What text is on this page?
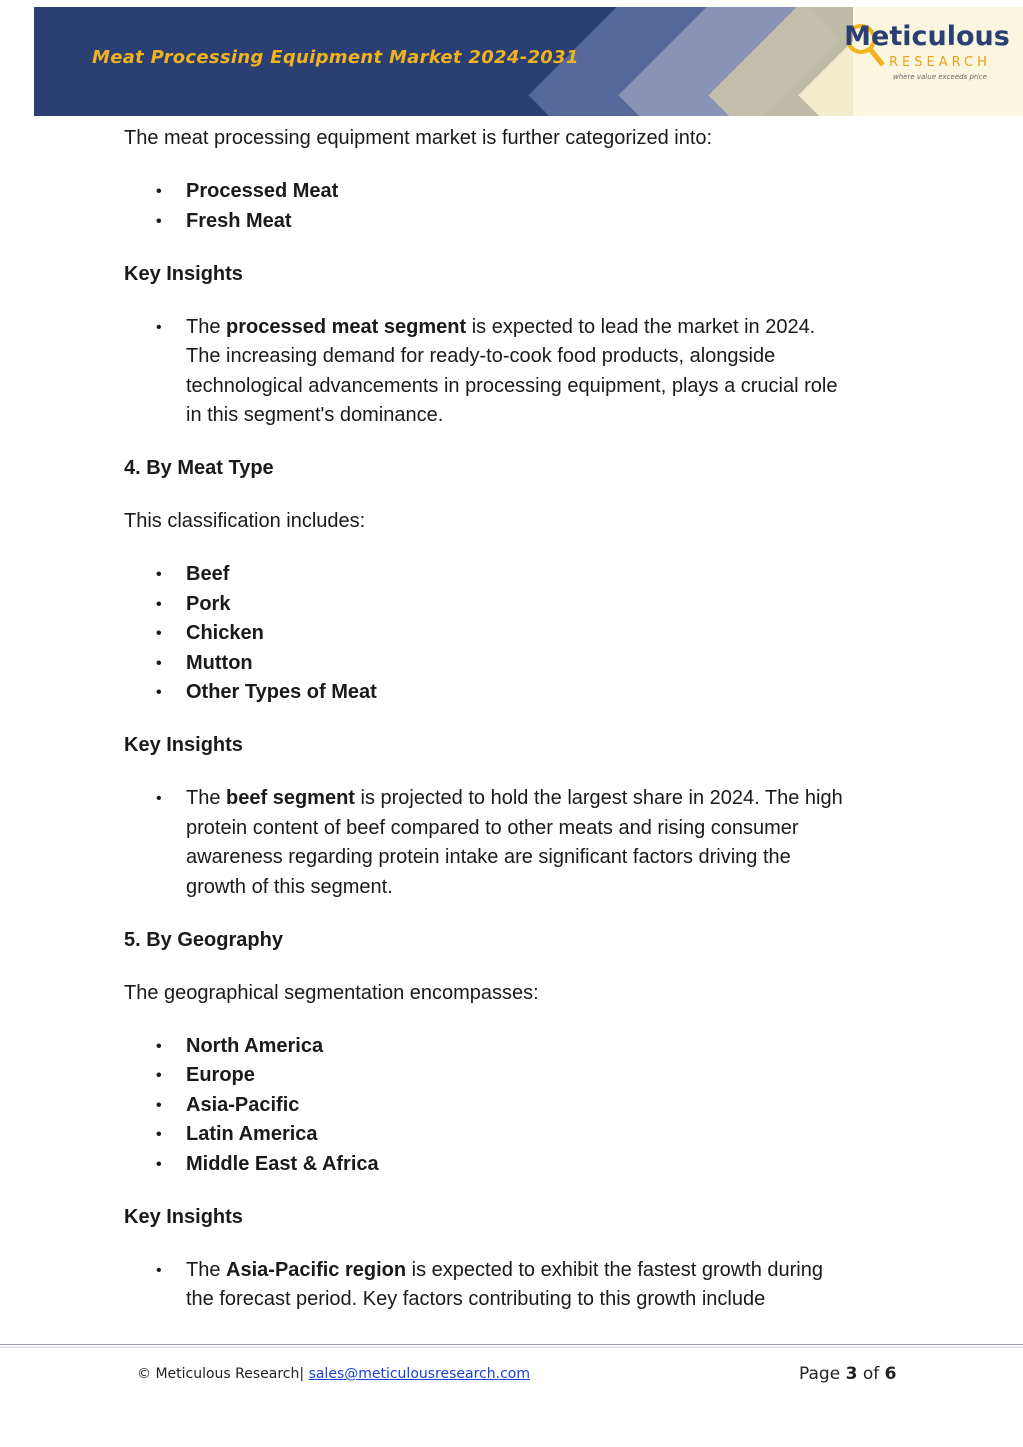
Meat Processing Equipment Market 2024-2031
Meticulous
RESEARCH
where value exceeds price

The meat processing equipment market is further categorized into:

• Processed Meat
• Fresh Meat

Key Insights

• The processed meat segment is expected to lead the market in 2024.
The increasing demand for ready-to-cook food products, alongside
technological advancements in processing equipment, plays a crucial role
in this segment's dominance.

4. By Meat Type

This classification includes:

• Beef
• Pork
• Chicken
• Mutton
• Other Types of Meat

Key Insights

• The beef segment is projected to hold the largest share in 2024. The high
protein content of beef compared to other meats and rising consumer
awareness regarding protein intake are significant factors driving the
growth of this segment.

5. By Geography

The geographical segmentation encompasses:

• North America
• Europe
• Asia-Pacific
• Latin America
• Middle East & Africa

Key Insights

• The Asia-Pacific region is expected to exhibit the fastest growth during
the forecast period. Key factors contributing to this growth include
© Meticulous Research| sales@meticulousresearch.com	Page 3 of 6
